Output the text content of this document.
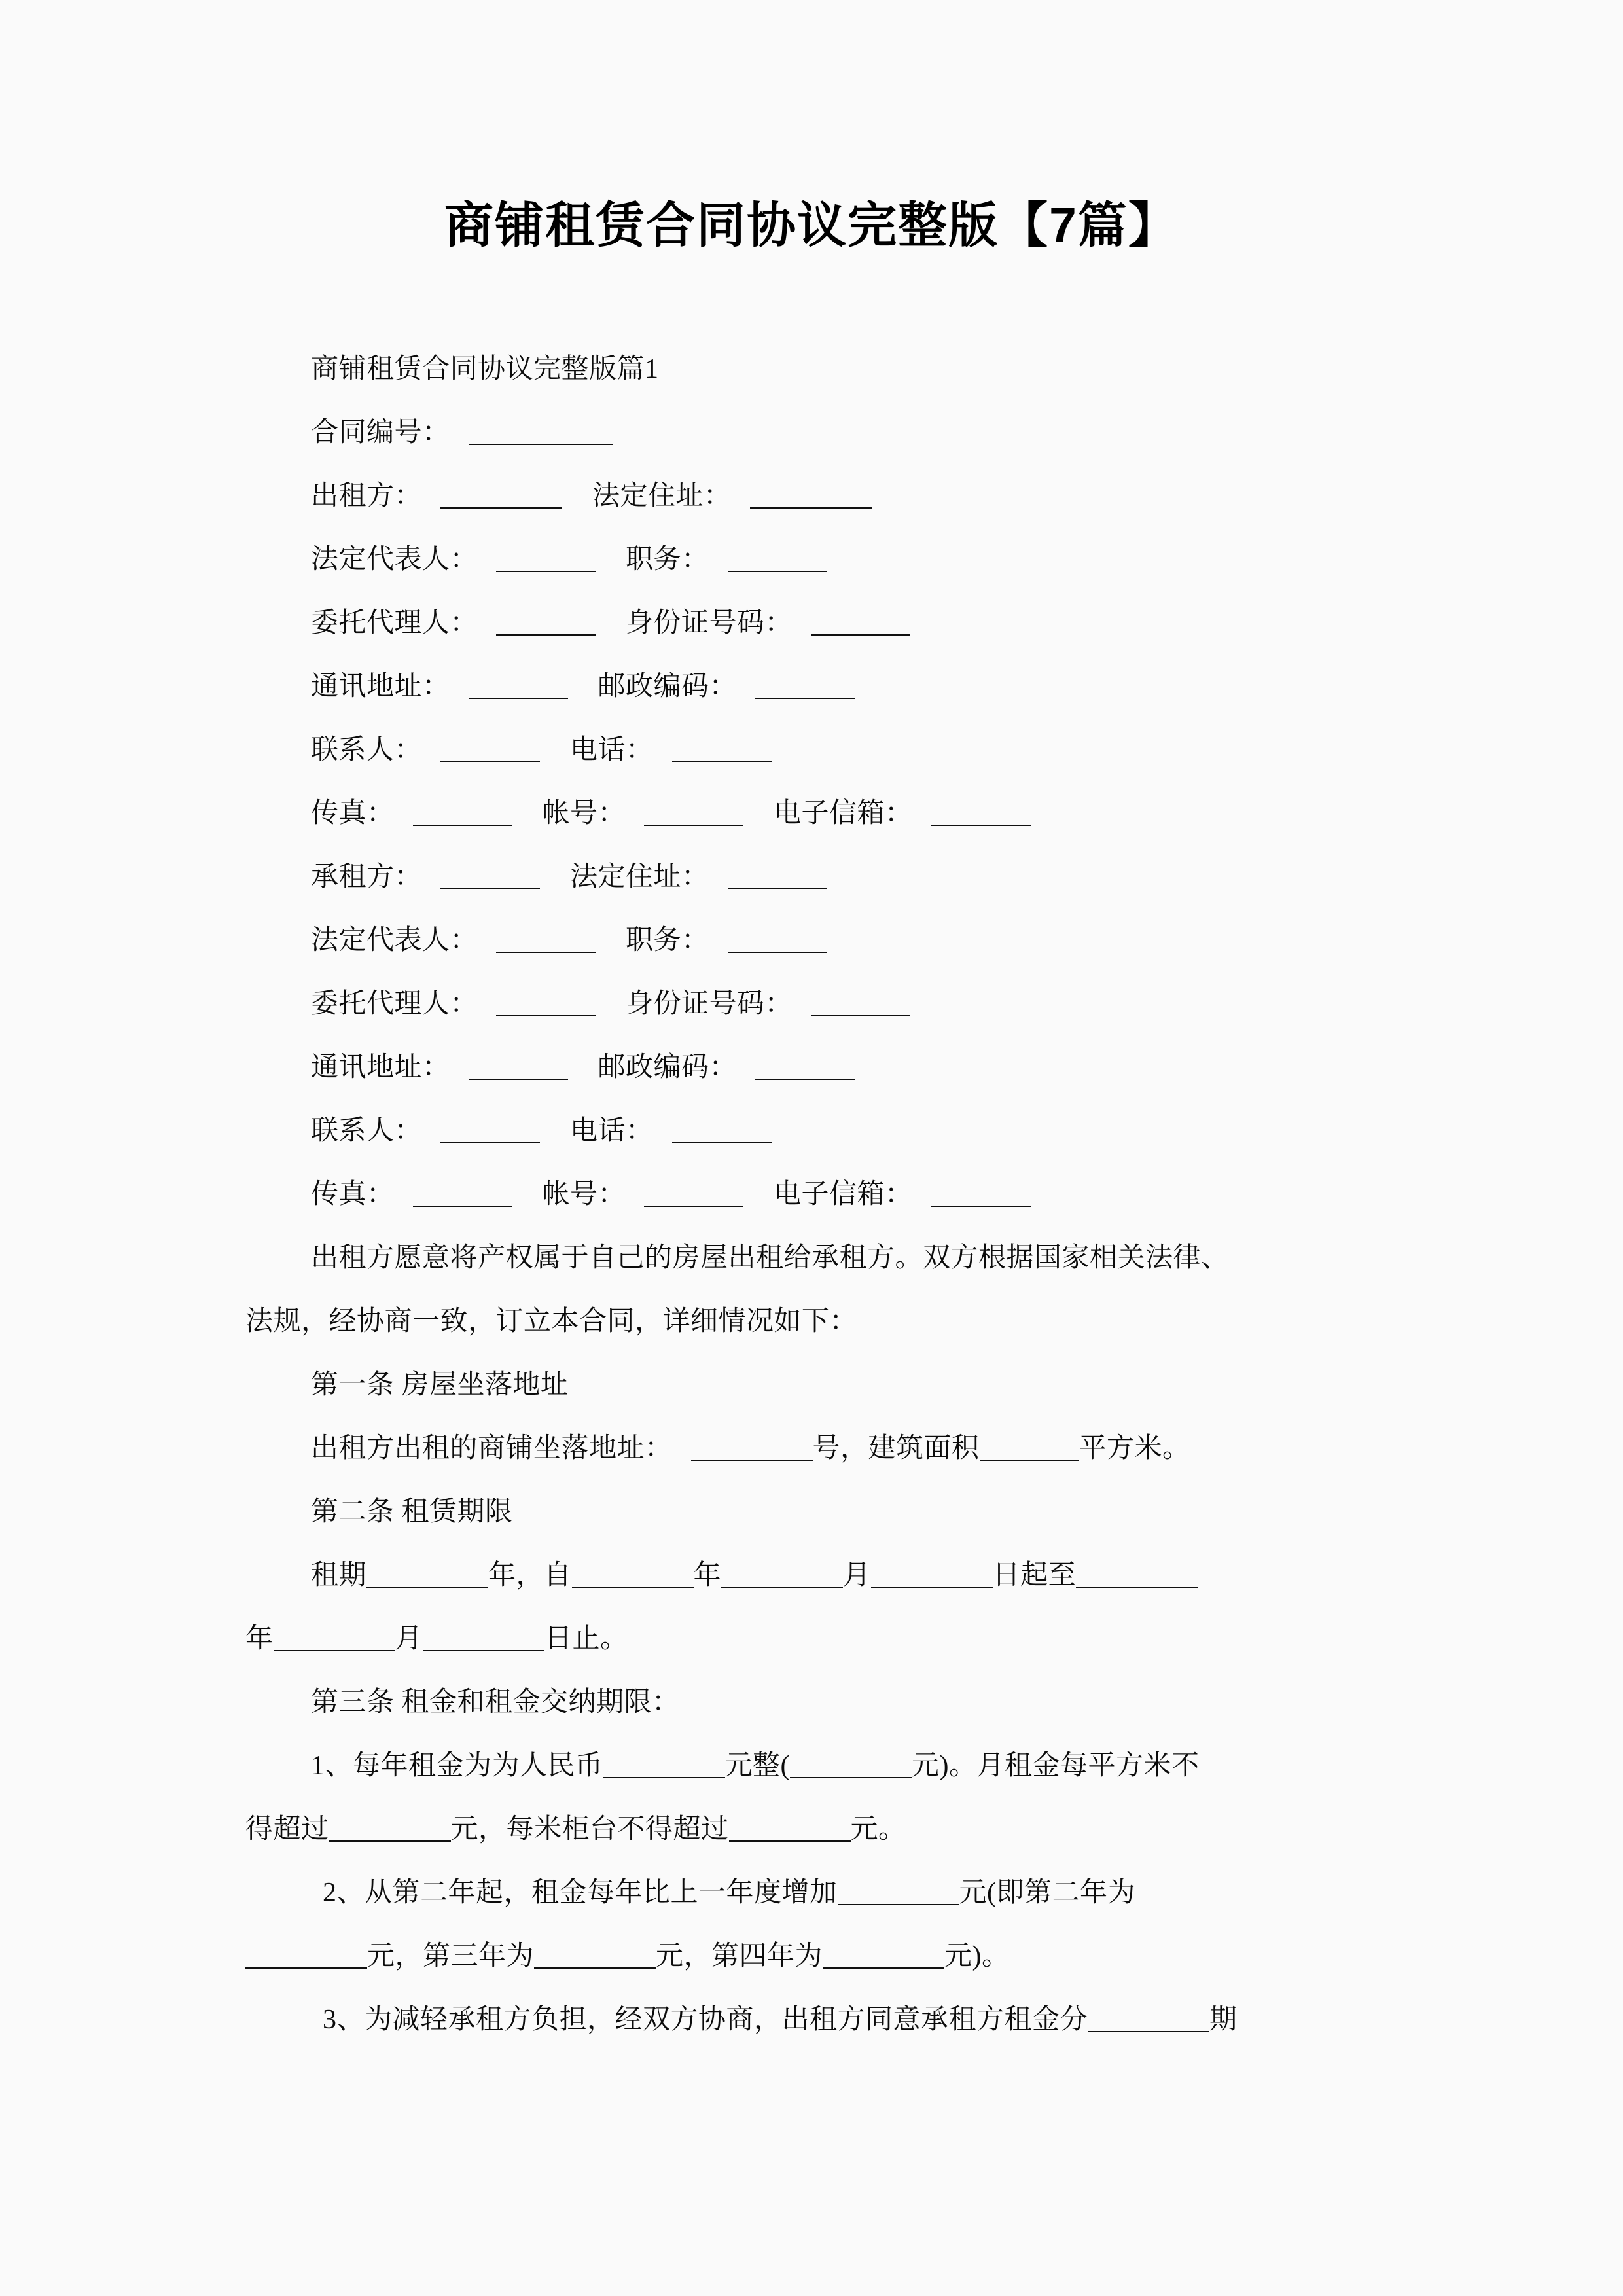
商铺租赁合同协议完整版【7篇】
商铺租赁合同协议完整版篇1
合同编号：
出租方：	法定住址：
法定代表人：	职务：
委托代理人：	身份证号码：
通讯地址：	邮政编码：
联系人：	电话：
传真：	帐号：	电子信箱：
承租方：	法定住址：
法定代表人：	职务：
委托代理人：	身份证号码：
通讯地址：	邮政编码：
联系人：	电话：
传真：	帐号：	电子信箱：
出租方愿意将产权属于自己的房屋出租给承租方。双方根据国家相关法律、
法规，经协商一致，订立本合同，详细情况如下：
第一条 房屋坐落地址
出租方出租的商铺坐落地址：	号，建筑面积	平方米。
第二条 租赁期限
租期	年，自	年	月	日起至
年	月	日止。
第三条 租金和租金交纳期限：
1、每年租金为为人民币	元整(	元)。月租金每平方米不
得超过	元，每米柜台不得超过	元。
2、从第二年起，租金每年比上一年度增加	元(即第二年为
元，第三年为	元，第四年为	元)。
3、为减轻承租方负担，经双方协商，出租方同意承租方租金分	期
